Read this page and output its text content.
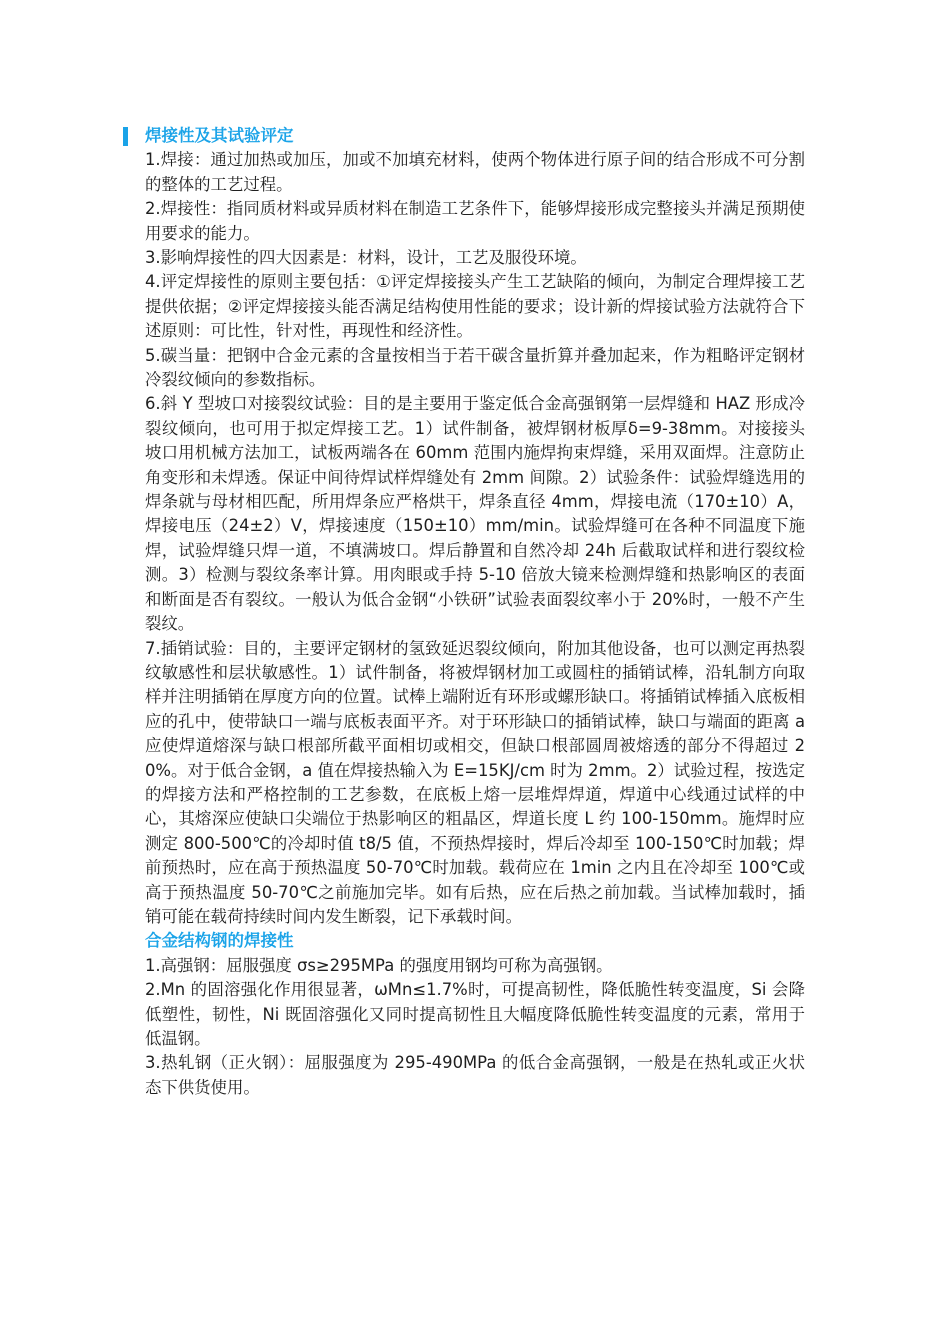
焊接性及其试验评定

1.焊接：通过加热或加压，加或不加填充材料，使两个物体进行原子间的结合形成不可分割的整体的工艺过程。

2.焊接性：指同质材料或异质材料在制造工艺条件下，能够焊接形成完整接头并满足预期使用要求的能力。

3.影响焊接性的四大因素是：材料，设计，工艺及服役环境。

4.评定焊接性的原则主要包括：①评定焊接接头产生工艺缺陷的倾向，为制定合理焊接工艺提供依据；②评定焊接接头能否满足结构使用性能的要求；设计新的焊接试验方法就符合下述原则：可比性，针对性，再现性和经济性。

5.碳当量：把钢中合金元素的含量按相当于若干碳含量折算并叠加起来，作为粗略评定钢材冷裂纹倾向的参数指标。

6.斜 Y 型坡口对接裂纹试验：目的是主要用于鉴定低合金高强钢第一层焊缝和 HAZ 形成冷裂纹倾向，也可用于拟定焊接工艺。1）试件制备，被焊钢材板厚δ=9-38mm。对接接头坡口用机械方法加工，试板两端各在 60mm 范围内施焊拘束焊缝，采用双面焊。注意防止角变形和未焊透。保证中间待焊试样焊缝处有 2mm 间隙。2）试验条件：试验焊缝选用的焊条就与母材相匹配，所用焊条应严格烘干，焊条直径 4mm，焊接电流（170±10）A，焊接电压（24±2）V，焊接速度（150±10）mm/min。试验焊缝可在各种不同温度下施焊，试验焊缝只焊一道，不填满坡口。焊后静置和自然冷却 24h 后截取试样和进行裂纹检测。3）检测与裂纹条率计算。用肉眼或手持 5-10 倍放大镜来检测焊缝和热影响区的表面和断面是否有裂纹。一般认为低合金钢“小铁研”试验表面裂纹率小于 20%时，一般不产生裂纹。

7.插销试验：目的，主要评定钢材的氢致延迟裂纹倾向，附加其他设备，也可以测定再热裂纹敏感性和层状敏感性。1）试件制备，将被焊钢材加工或圆柱的插销试棒，沿轧制方向取样并注明插销在厚度方向的位置。试棒上端附近有环形或螺形缺口。将插销试棒插入底板相应的孔中，使带缺口一端与底板表面平齐。对于环形缺口的插销试棒，缺口与端面的距离 a 应使焊道熔深与缺口根部所截平面相切或相交，但缺口根部圆周被熔透的部分不得超过 20%。对于低合金钢，a 值在焊接热输入为 E=15KJ/cm 时为 2mm。2）试验过程，按选定的焊接方法和严格控制的工艺参数，在底板上熔一层堆焊焊道，焊道中心线通过试样的中心，其熔深应使缺口尖端位于热影响区的粗晶区，焊道长度 L 约 100-150mm。施焊时应测定 800-500℃的冷却时值 t8/5 值，不预热焊接时，焊后冷却至 100-150℃时加载；焊前预热时，应在高于预热温度 50-70℃时加载。载荷应在 1min 之内且在冷却至 100℃或高于预热温度 50-70℃之前施加完毕。如有后热，应在后热之前加载。当试棒加载时，插销可能在载荷持续时间内发生断裂，记下承载时间。

合金结构钢的焊接性

1.高强钢：屈服强度 σs≥295MPa 的强度用钢均可称为高强钢。

2.Mn 的固溶强化作用很显著，ωMn≤1.7%时，可提高韧性，降低脆性转变温度，Si 会降低塑性，韧性，Ni 既固溶强化又同时提高韧性且大幅度降低脆性转变温度的元素，常用于低温钢。

3.热轧钢（正火钢）：屈服强度为 295-490MPa 的低合金高强钢，一般是在热轧或正火状态下供货使用。
